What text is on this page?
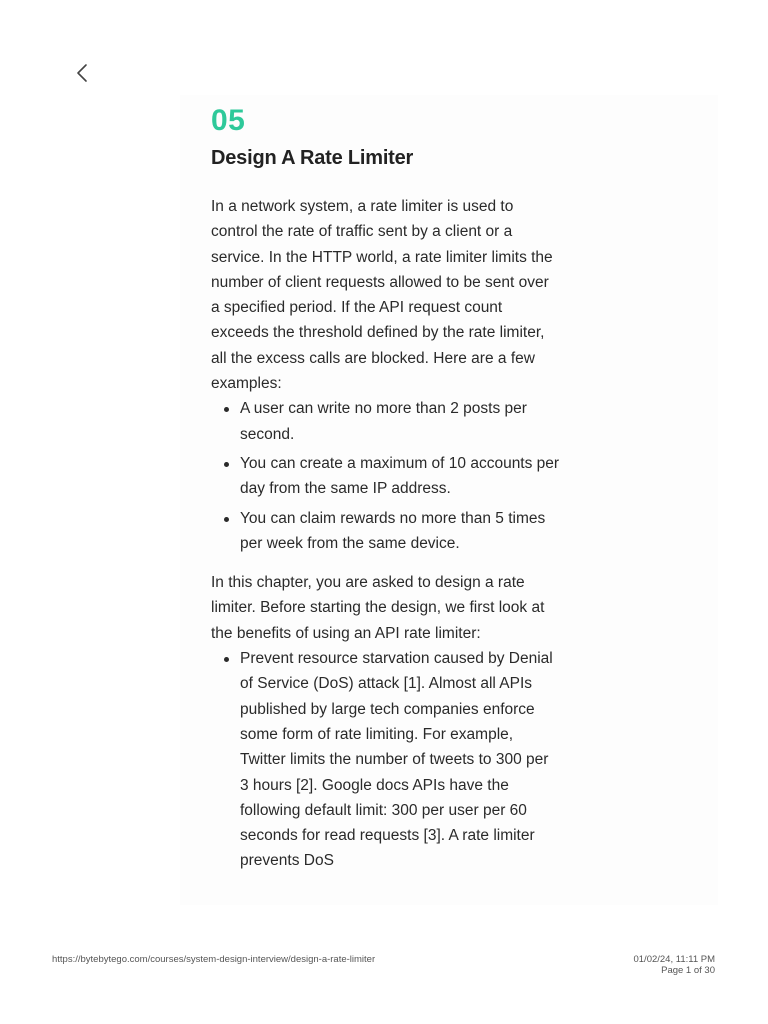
05
Design A Rate Limiter

In a network system, a rate limiter is used to control the rate of traffic sent by a client or a service. In the HTTP world, a rate limiter limits the number of client requests allowed to be sent over a specified period. If the API request count exceeds the threshold defined by the rate limiter, all the excess calls are blocked. Here are a few examples:

A user can write no more than 2 posts per second.
You can create a maximum of 10 accounts per day from the same IP address.
You can claim rewards no more than 5 times per week from the same device.

In this chapter, you are asked to design a rate limiter. Before starting the design, we first look at the benefits of using an API rate limiter:

Prevent resource starvation caused by Denial of Service (DoS) attack [1]. Almost all APIs published by large tech companies enforce some form of rate limiting. For example, Twitter limits the number of tweets to 300 per 3 hours [2]. Google docs APIs have the following default limit: 300 per user per 60 seconds for read requests [3]. A rate limiter prevents DoS
https://bytebytego.com/courses/system-design-interview/design-a-rate-limiter	01/02/24, 11:11 PM
Page 1 of 30
